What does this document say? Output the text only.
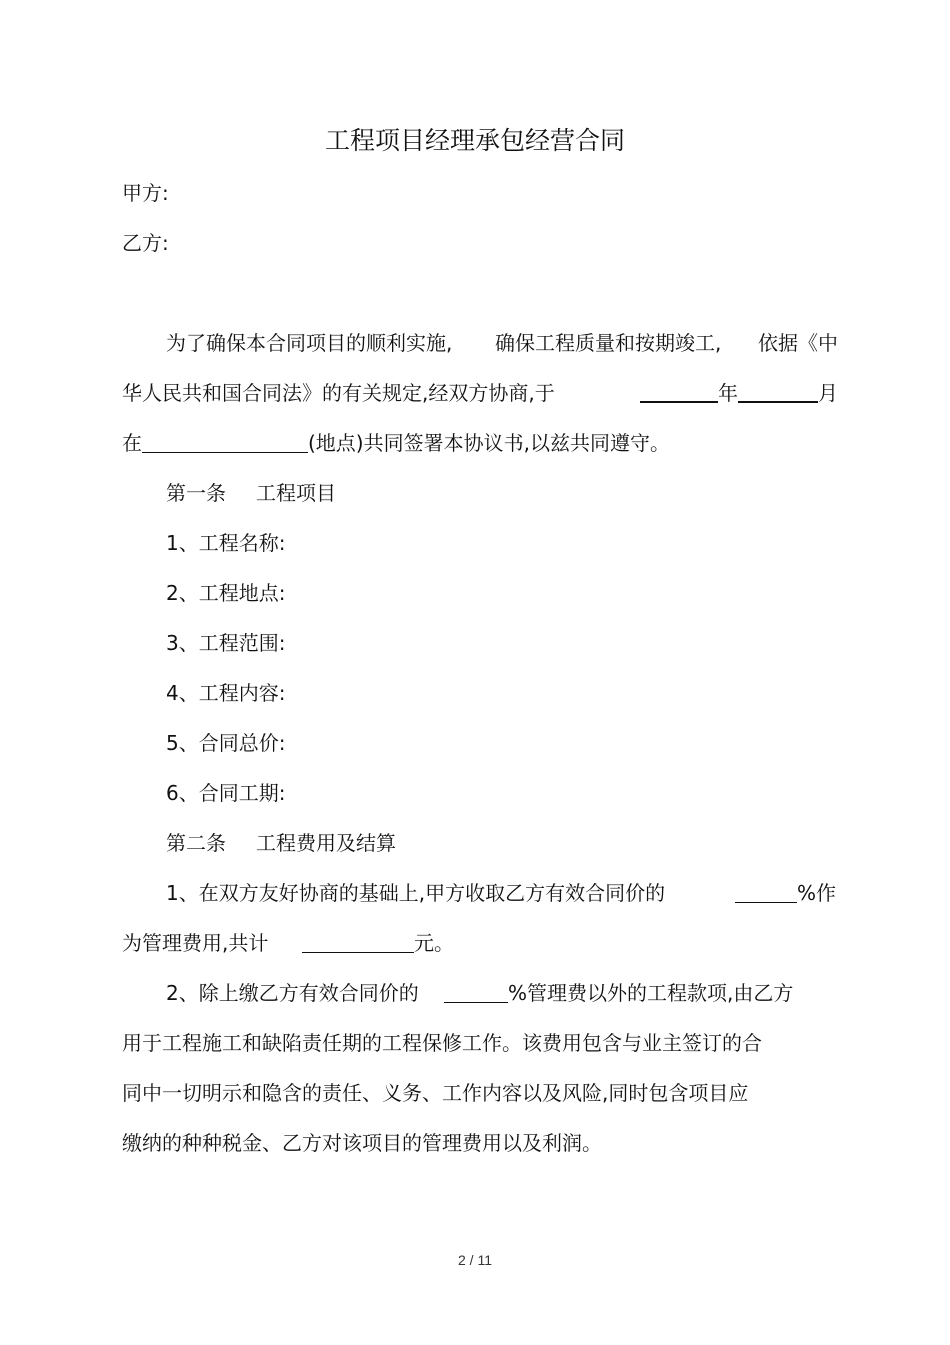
工程项目经理承包经营合同
甲方:
乙方:
为了确保本合同项目的顺利实施, 确保工程质量和按期竣工, 依据《中
华人民共和国合同法》的有关规定,经双方协商,于	年	月
在	(地点)共同签署本协议书,以兹共同遵守。
第一条 工程项目
1、工程名称:
2、工程地点:
3、工程范围:
4、工程内容:
5、合同总价:
6、合同工期:
第二条 工程费用及结算
1、在双方友好协商的基础上,甲方收取乙方有效合同价的	%作
为管理费用,共计	元。
2、除上缴乙方有效合同价的	%管理费以外的工程款项,由乙方
用于工程施工和缺陷责任期的工程保修工作。该费用包含与业主签订的合
同中一切明示和隐含的责任、义务、工作内容以及风险,同时包含项目应
缴纳的种种税金、乙方对该项目的管理费用以及利润。
2 / 11
